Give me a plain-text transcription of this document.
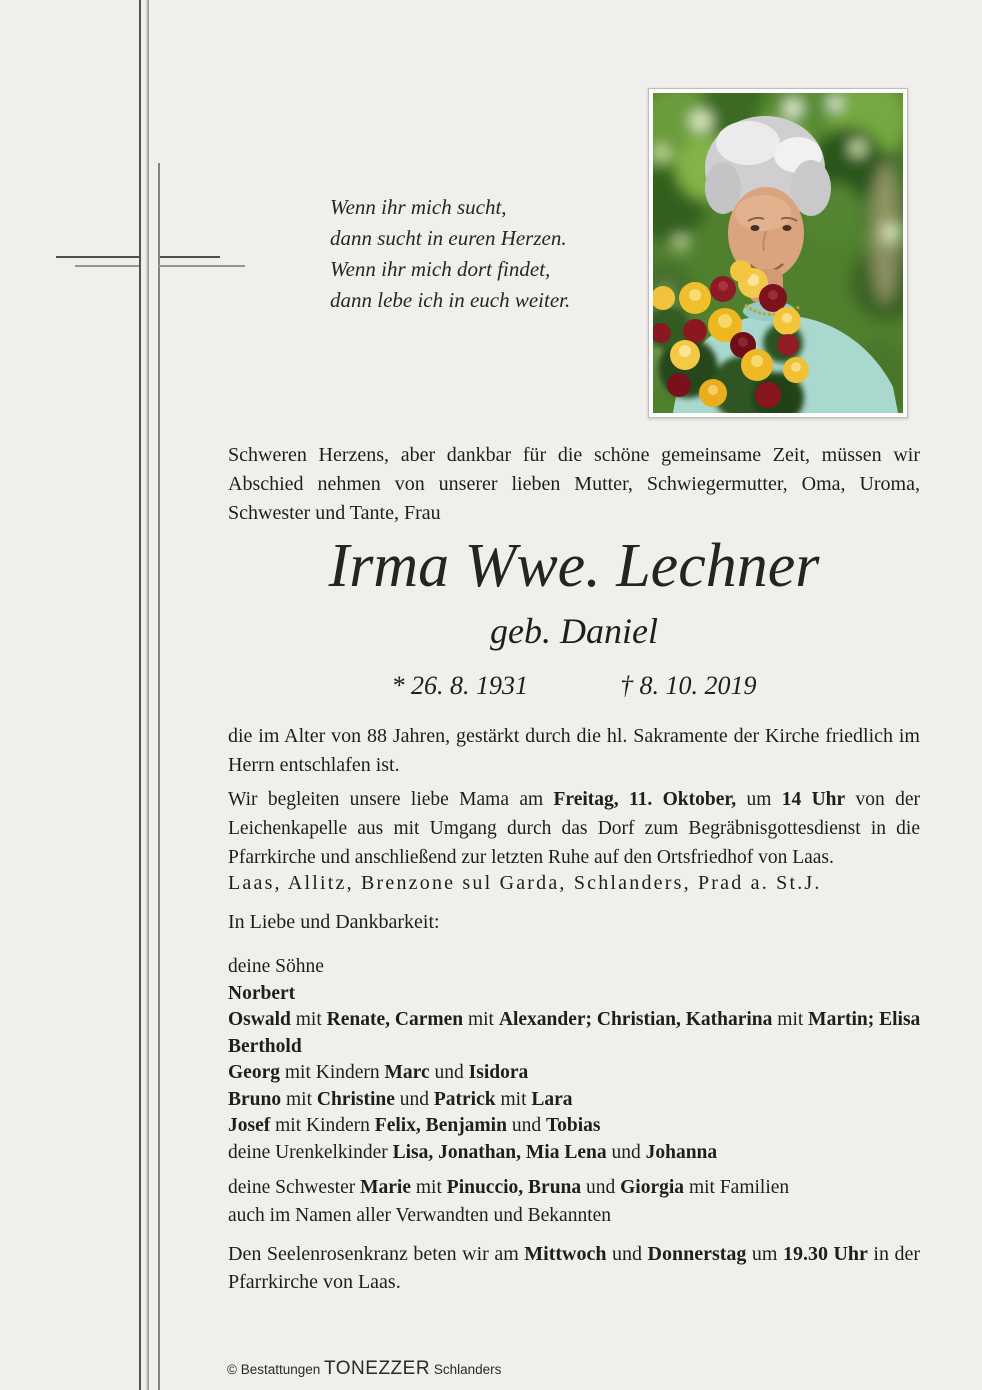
Wenn ihr mich sucht,
dann sucht in euren Herzen.
Wenn ihr mich dort findet,
dann lebe ich in euch weiter.
Schweren Herzens, aber dankbar für die schöne gemeinsame Zeit, müssen wir Abschied nehmen von unserer lieben Mutter, Schwiegermutter, Oma, Uroma, Schwester und Tante, Frau
Irma Wwe. Lechner
geb. Daniel
* 26. 8. 1931	† 8. 10. 2019
die im Alter von 88 Jahren, gestärkt durch die hl. Sakramente der Kirche friedlich im Herrn entschlafen ist.
Wir begleiten unsere liebe Mama am Freitag, 11. Oktober, um 14 Uhr von der Leichenkapelle aus mit Umgang durch das Dorf zum Begräbnisgottesdienst in die Pfarrkirche und anschließend zur letzten Ruhe auf den Ortsfriedhof von Laas.
Laas, Allitz, Brenzone sul Garda, Schlanders, Prad a. St.J.
In Liebe und Dankbarkeit:
deine Söhne
Norbert
Oswald mit Renate, Carmen mit Alexander; Christian, Katharina mit Martin; Elisa
Berthold
Georg mit Kindern Marc und Isidora
Bruno mit Christine und Patrick mit Lara
Josef mit Kindern Felix, Benjamin und Tobias
deine Urenkelkinder Lisa, Jonathan, Mia Lena und Johanna
deine Schwester Marie mit Pinuccio, Bruna und Giorgia mit Familien
auch im Namen aller Verwandten und Bekannten
Den Seelenrosenkranz beten wir am Mittwoch und Donnerstag um 19.30 Uhr in der Pfarrkirche von Laas.
© Bestattungen TONEZZER Schlanders
